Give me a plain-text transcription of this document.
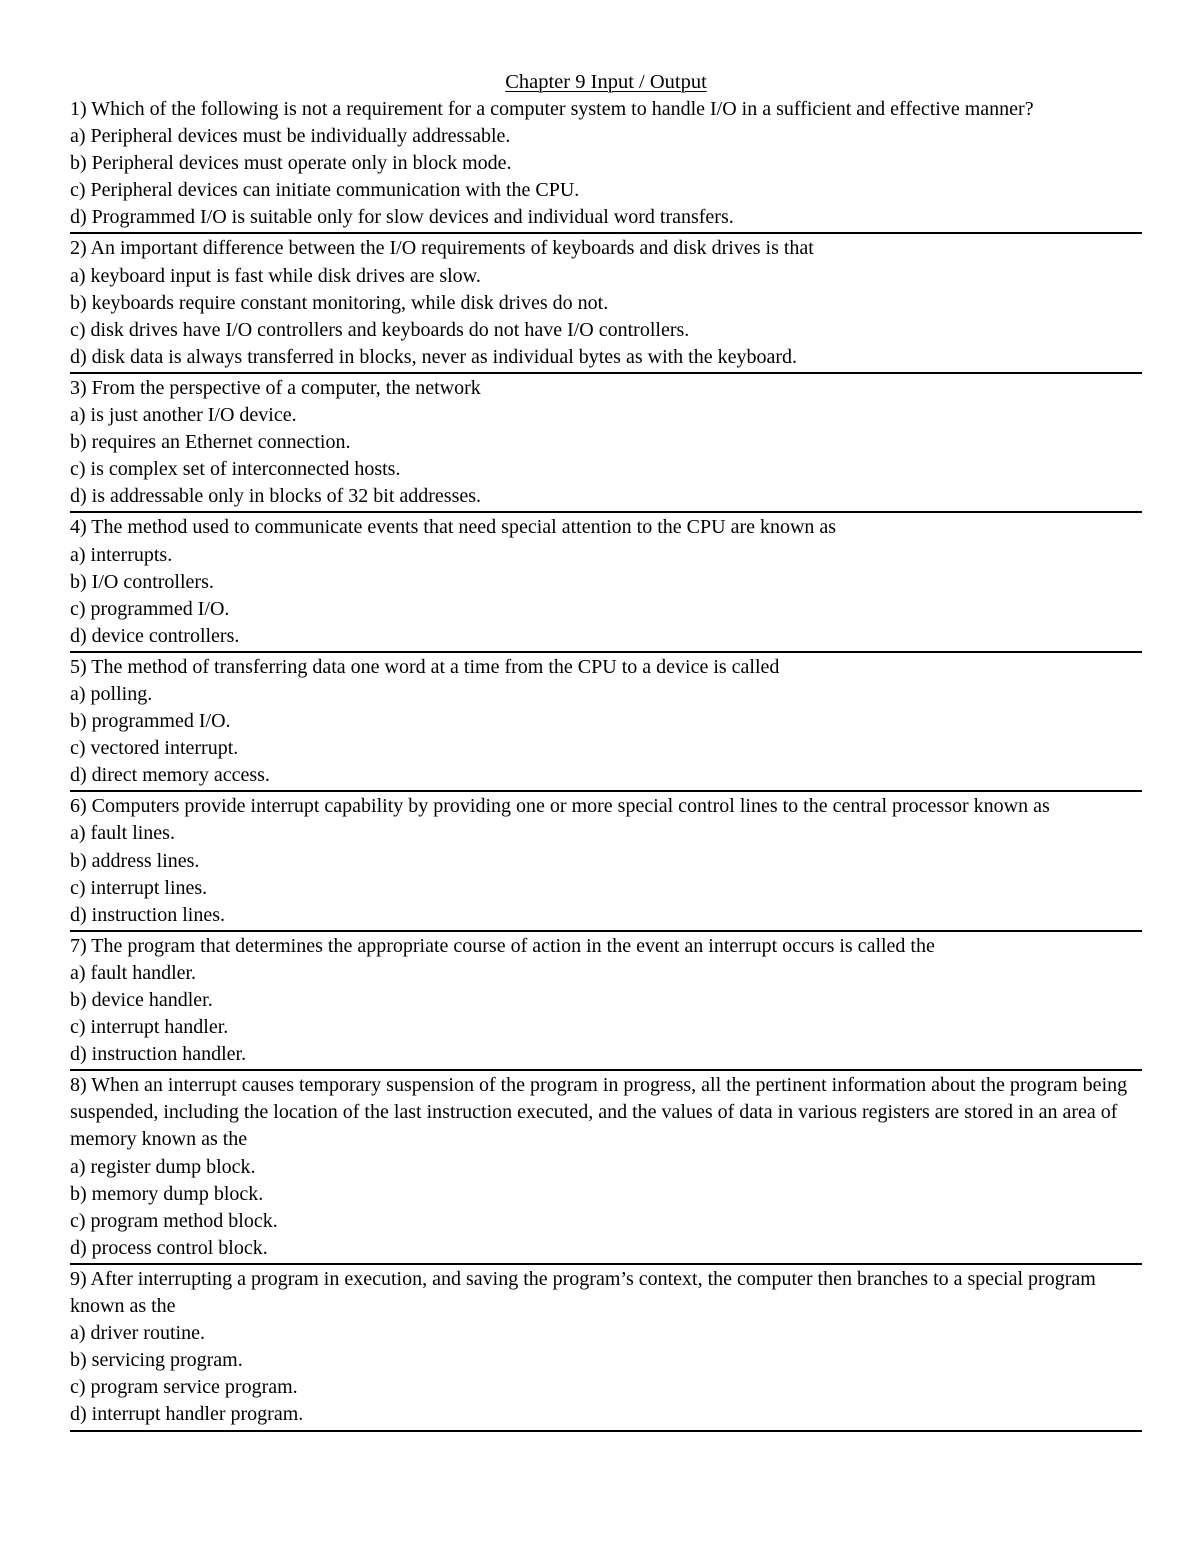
Chapter 9 Input / Output
1) Which of the following is not a requirement for a computer system to handle I/O in a sufficient and effective manner?
a) Peripheral devices must be individually addressable.
b) Peripheral devices must operate only in block mode.
c) Peripheral devices can initiate communication with the CPU.
d) Programmed I/O is suitable only for slow devices and individual word transfers.
2) An important difference between the I/O requirements of keyboards and disk drives is that
a) keyboard input is fast while disk drives are slow.
b) keyboards require constant monitoring, while disk drives do not.
c) disk drives have I/O controllers and keyboards do not have I/O controllers.
d) disk data is always transferred in blocks, never as individual bytes as with the keyboard.
3) From the perspective of a computer, the network
a) is just another I/O device.
b) requires an Ethernet connection.
c) is complex set of interconnected hosts.
d) is addressable only in blocks of 32 bit addresses.
4) The method used to communicate events that need special attention to the CPU are known as
a) interrupts.
b) I/O controllers.
c) programmed I/O.
d) device controllers.
5) The method of transferring data one word at a time from the CPU to a device is called
a) polling.
b) programmed I/O.
c) vectored interrupt.
d) direct memory access.
6) Computers provide interrupt capability by providing one or more special control lines to the central processor known as
a) fault lines.
b) address lines.
c) interrupt lines.
d) instruction lines.
7) The program that determines the appropriate course of action in the event an interrupt occurs is called the
a) fault handler.
b) device handler.
c) interrupt handler.
d) instruction handler.
8) When an interrupt causes temporary suspension of the program in progress, all the pertinent information about the program being suspended, including the location of the last instruction executed, and the values of data in various registers are stored in an area of memory known as the
a) register dump block.
b) memory dump block.
c) program method block.
d) process control block.
9) After interrupting a program in execution, and saving the program’s context, the computer then branches to a special program known as the
a) driver routine.
b) servicing program.
c) program service program.
d) interrupt handler program.
